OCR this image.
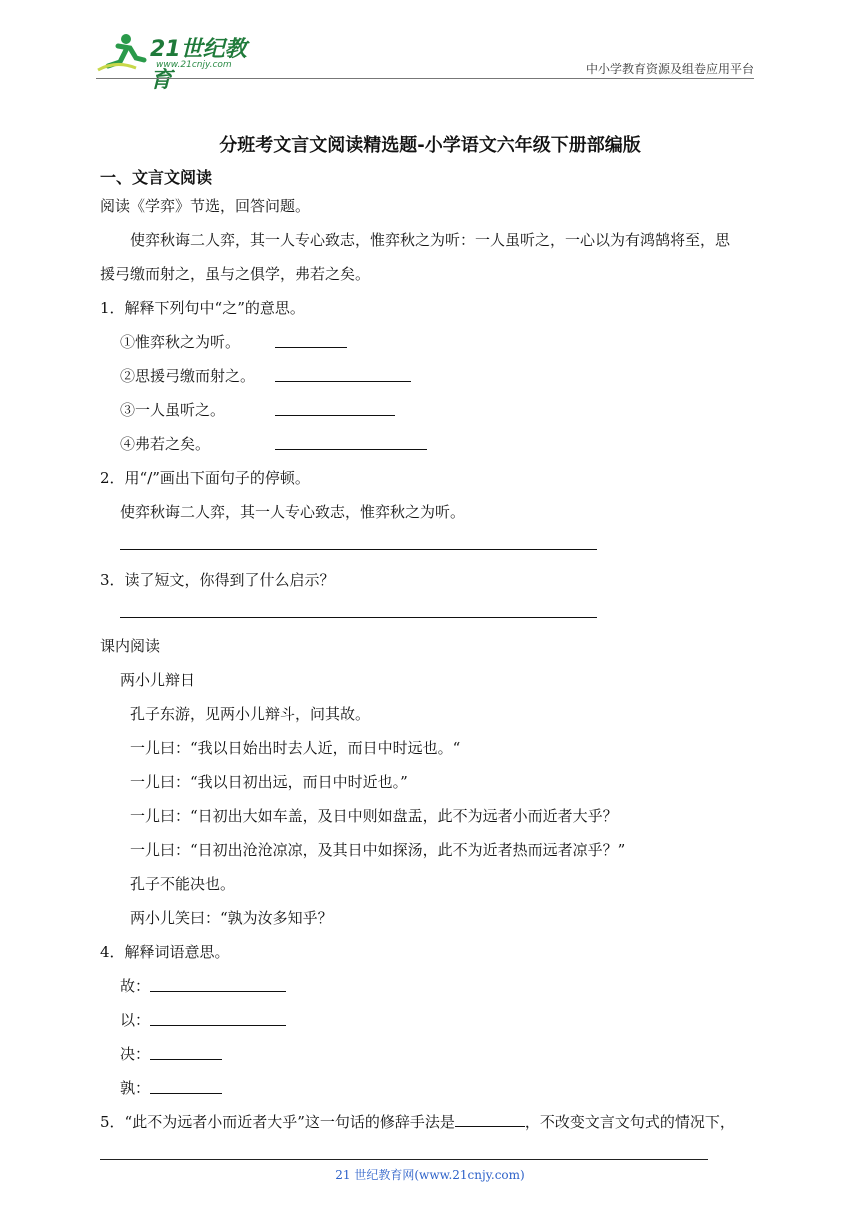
21世纪教育
www.21cnjy.com	中小学教育资源及组卷应用平台
分班考文言文阅读精选题-小学语文六年级下册部编版
一、文言文阅读
阅读《学弈》节选，回答问题。
使弈秋诲二人弈，其一人专心致志，惟弈秋之为听：一人虽听之，一心以为有鸿鹄将至，思
援弓缴而射之，虽与之俱学，弗若之矣。
1．解释下列句中“之”的意思。
①惟弈秋之为听。
②思援弓缴而射之。
③一人虽听之。
④弗若之矣。
2．用“/”画出下面句子的停顿。
使弈秋诲二人弈，其一人专心致志，惟弈秋之为听。
3．读了短文，你得到了什么启示？
课内阅读
两小儿辩日
孔子东游，见两小儿辩斗，问其故。
一儿曰：“我以日始出时去人近，而日中时远也。“
一儿曰：“我以日初出远，而日中时近也。”
一儿曰：“日初出大如车盖，及日中则如盘盂，此不为远者小而近者大乎？
一儿曰：“日初出沧沧凉凉，及其日中如探汤，此不为近者热而远者凉乎？”
孔子不能决也。
两小儿笑曰：“孰为汝多知乎？
4．解释词语意思。
故：
以：
决：
孰：
5．“此不为远者小而近者大乎”这一句话的修辞手法是	，不改变文言文句式的情况下，
21 世纪教育网(www.21cnjy.com)
